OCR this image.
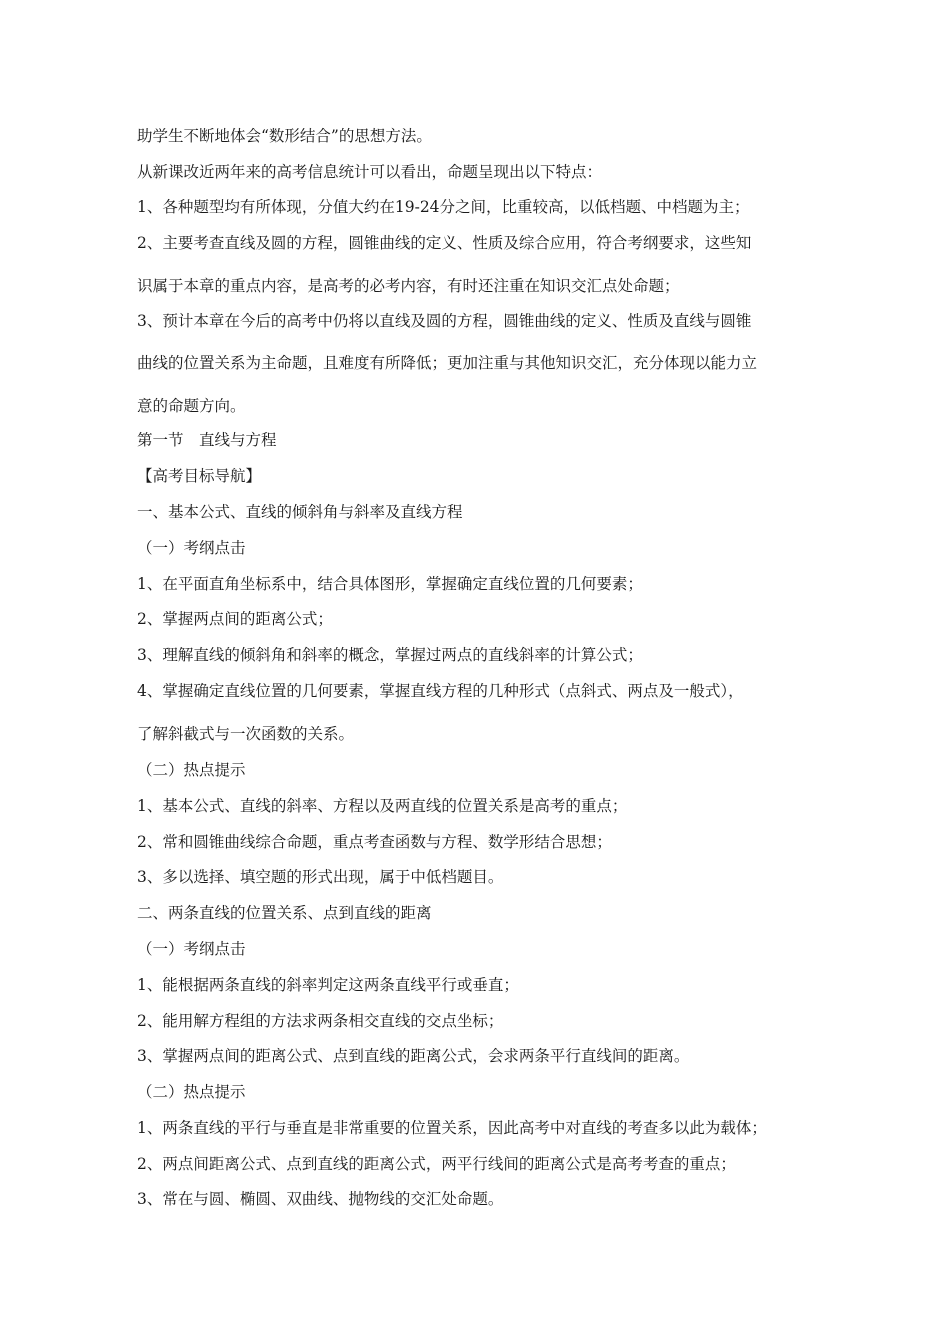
助学生不断地体会“数形结合”的思想方法。

从新课改近两年来的高考信息统计可以看出，命题呈现出以下特点：

1、各种题型均有所体现，分值大约在19-24分之间，比重较高，以低档题、中档题为主；

2、主要考查直线及圆的方程，圆锥曲线的定义、性质及综合应用，符合考纲要求，这些知

识属于本章的重点内容，是高考的必考内容，有时还注重在知识交汇点处命题；

3、预计本章在今后的高考中仍将以直线及圆的方程，圆锥曲线的定义、性质及直线与圆锥

曲线的位置关系为主命题，且难度有所降低；更加注重与其他知识交汇，充分体现以能力立

意的命题方向。

第一节　直线与方程

【高考目标导航】

一、基本公式、直线的倾斜角与斜率及直线方程

（一）考纲点击

1、在平面直角坐标系中，结合具体图形，掌握确定直线位置的几何要素；

2、掌握两点间的距离公式；

3、理解直线的倾斜角和斜率的概念，掌握过两点的直线斜率的计算公式；

4、掌握确定直线位置的几何要素，掌握直线方程的几种形式（点斜式、两点及一般式），

了解斜截式与一次函数的关系。

（二）热点提示

1、基本公式、直线的斜率、方程以及两直线的位置关系是高考的重点；

2、常和圆锥曲线综合命题，重点考查函数与方程、数学形结合思想；

3、多以选择、填空题的形式出现，属于中低档题目。

二、两条直线的位置关系、点到直线的距离

（一）考纲点击

1、能根据两条直线的斜率判定这两条直线平行或垂直；

2、能用解方程组的方法求两条相交直线的交点坐标；

3、掌握两点间的距离公式、点到直线的距离公式，会求两条平行直线间的距离。

（二）热点提示

1、两条直线的平行与垂直是非常重要的位置关系，因此高考中对直线的考查多以此为载体；

2、两点间距离公式、点到直线的距离公式，两平行线间的距离公式是高考考查的重点；

3、常在与圆、椭圆、双曲线、抛物线的交汇处命题。
